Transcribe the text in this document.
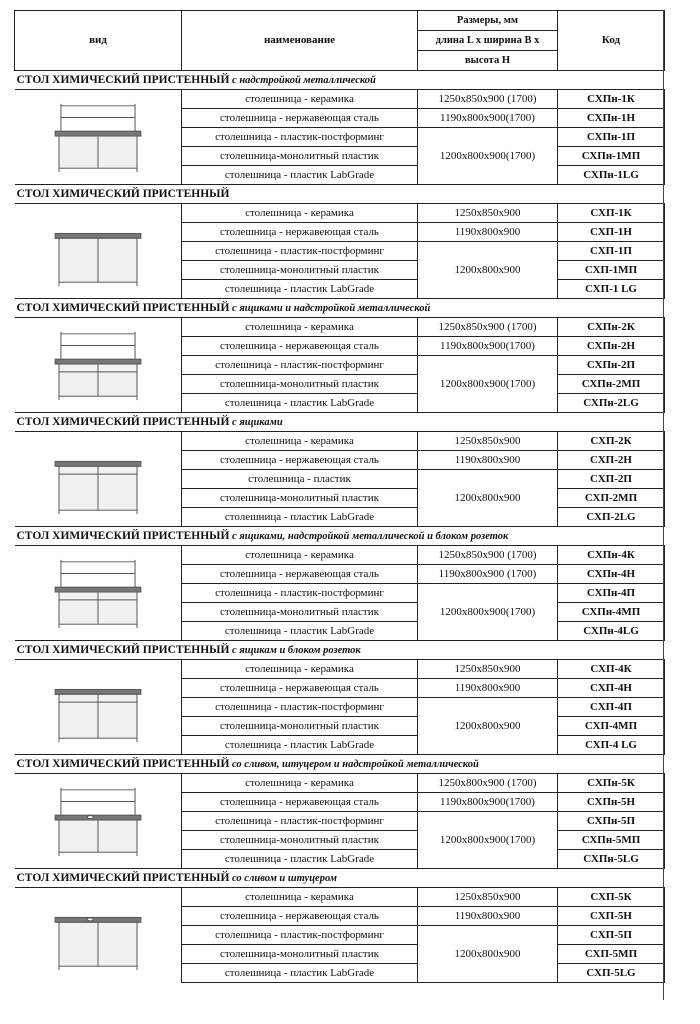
вид	наименование	Размеры, мм	Код
		длина L x ширина B x	
		высота H	
СТОЛ ХИМИЧЕСКИЙ ПРИСТЕННЫЙ с надстройкой металлической			

	столешница - керамика	1250x850x900 (1700)	СХПн-1К
	столешница - нержавеющая сталь	1190x800x900(1700)	СХПн-1Н
	столешница - пластик-постформинг	1200x800x900(1700)	СХПн-1П
	столешница-монолитный пластик		СХПн-1МП
	столешница - пластик LabGrade		СХПн-1LG
СТОЛ ХИМИЧЕСКИЙ ПРИСТЕННЫЙ			

	столешница - керамика	1250x850x900	СХП-1К
	столешница - нержавеющая сталь	1190x800x900	СХП-1Н
	столешница - пластик-постформинг	1200x800x900	СХП-1П
	столешница-монолитный пластик		СХП-1МП
	столешница - пластик LabGrade		СХП-1 LG
СТОЛ ХИМИЧЕСКИЙ ПРИСТЕННЫЙ с ящиками и надстройкой металлической			

	столешница - керамика	1250x850x900 (1700)	СХПн-2К
	столешница - нержавеющая сталь	1190x800x900(1700)	СХПн-2Н
	столешница - пластик-постформинг	1200x800x900(1700)	СХПн-2П
	столешница-монолитный пластик		СХПн-2МП
	столешница - пластик LabGrade		СХПн-2LG
СТОЛ ХИМИЧЕСКИЙ ПРИСТЕННЫЙ с ящиками			

	столешница - керамика	1250x850x900	СХП-2К
	столешница - нержавеющая сталь	1190x800x900	СХП-2Н
	столешница - пластик	1200x800x900	СХП-2П
	столешница-монолитный пластик		СХП-2МП
	столешница - пластик LabGrade		СХП-2LG
СТОЛ ХИМИЧЕСКИЙ ПРИСТЕННЫЙ с ящиками, надстройкой металлической и блоком розеток			

	столешница - керамика	1250x850x900 (1700)	СХПн-4К
	столешница - нержавеющая сталь	1190x800x900 (1700)	СХПн-4Н
	столешница - пластик-постформинг	1200x800x900(1700)	СХПн-4П
	столешница-монолитный пластик		СХПн-4МП
	столешница - пластик LabGrade		СХПн-4LG
СТОЛ ХИМИЧЕСКИЙ ПРИСТЕННЫЙ с ящикам и блоком розеток			

	столешница - керамика	1250x850x900	СХП-4К
	столешница - нержавеющая сталь	1190x800x900	СХП-4Н
	столешница - пластик-постформинг	1200x800x900	СХП-4П
	столешница-монолитный пластик		СХП-4МП
	столешница - пластик LabGrade		СХП-4 LG
СТОЛ ХИМИЧЕСКИЙ ПРИСТЕННЫЙ со сливом, штуцером и надстройкой металлической			

	столешница - керамика	1250x800x900 (1700)	СХПн-5К
	столешница - нержавеющая сталь	1190x800x900(1700)	СХПн-5Н
	столешница - пластик-постформинг	1200x800x900(1700)	СХПн-5П
	столешница-монолитный пластик		СХПн-5МП
	столешница - пластик LabGrade		СХПн-5LG
СТОЛ ХИМИЧЕСКИЙ ПРИСТЕННЫЙ со сливом и штуцером			

	столешница - керамика	1250x850x900	СХП-5К
	столешница - нержавеющая сталь	1190x800x900	СХП-5Н
	столешница - пластик-постформинг	1200x800x900	СХП-5П
	столешница-монолитный пластик		СХП-5МП
	столешница - пластик LabGrade		СХП-5LG
